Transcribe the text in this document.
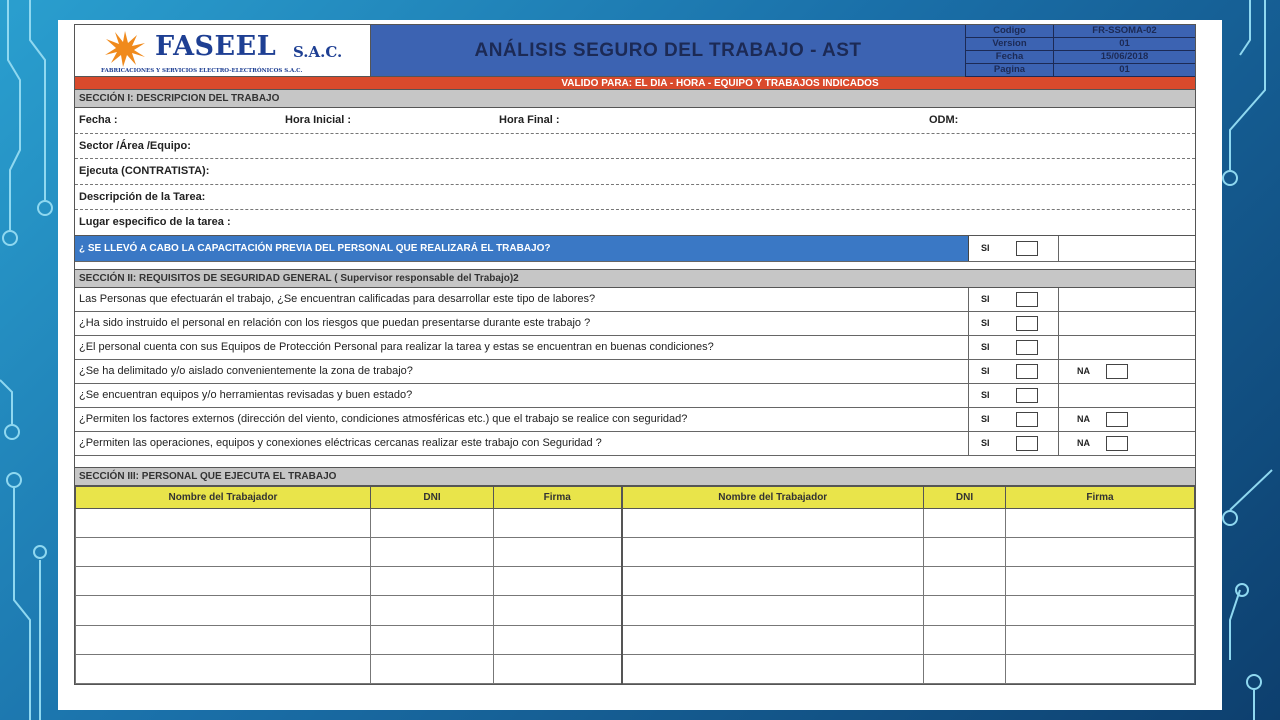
FASEEL S.A.C.
FABRICACIONES Y SERVICIOS ELECTRO-ELECTRÓNICOS S.A.C.
ANÁLISIS SEGURO DEL TRABAJO - AST
Codigo	FR-SSOMA-02
Version	01
Fecha	15/06/2018
Pagina	01
VALIDO PARA: EL DIA - HORA - EQUIPO Y TRABAJOS INDICADOS
SECCIÓN I: DESCRIPCION DEL TRABAJO
Fecha :	Hora Inicial :	Hora Final :	ODM:
Sector /Área /Equipo:
Ejecuta (CONTRATISTA):
Descripción de la Tarea:
Lugar especifico de la tarea :
¿ SE LLEVÓ A CABO LA CAPACITACIÓN PREVIA DEL PERSONAL QUE REALIZARÁ EL TRABAJO?	SI
SECCIÓN II: REQUISITOS DE SEGURIDAD GENERAL ( Supervisor responsable del Trabajo)2
Las Personas que efectuarán el trabajo, ¿Se encuentran calificadas para desarrollar este tipo de labores?	SI
¿Ha sido instruido el personal en relación con los riesgos que puedan presentarse durante este trabajo ?	SI
¿El personal cuenta con sus Equipos de Protección Personal para realizar la tarea y estas se encuentran en buenas condiciones?	SI
¿Se ha delimitado y/o aislado convenientemente la zona de trabajo?	SI	NA
¿Se encuentran equipos y/o herramientas revisadas y buen estado?	SI
¿Permiten los factores externos (dirección del viento, condiciones atmosféricas etc.) que el trabajo se realice con seguridad?	SI	NA
¿Permiten las operaciones, equipos y conexiones eléctricas cercanas realizar este trabajo con Seguridad ?	SI	NA
SECCIÓN III: PERSONAL QUE EJECUTA EL TRABAJO
Nombre del Trabajador	DNI	Firma	Nombre del Trabajador	DNI	Firma
